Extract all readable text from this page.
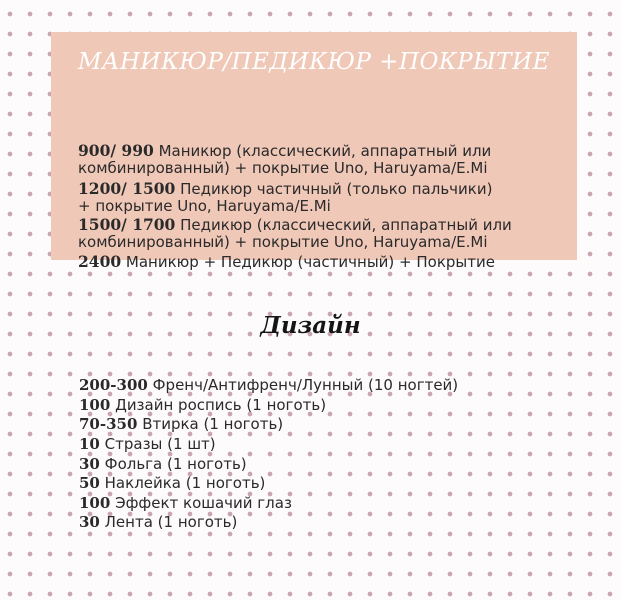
МАНИКЮР/ПЕДИКЮР +ПОКРЫТИЕ
900/ 990 Маникюр (классический, аппаратный или
комбинированный) + покрытие Uno, Haruyama/E.Mi
1200/ 1500 Педикюр частичный (только пальчики)
+ покрытие Uno, Haruyama/E.Mi
1500/ 1700 Педикюр (классический, аппаратный или
комбинированный) + покрытие Uno, Haruyama/E.Mi
2400 Маникюр + Педикюр (частичный) + Покрытие
Дизайн
200-300 Френч/Антифренч/Лунный (10 ногтей)
100 Дизайн роспись (1 ноготь)
70-350 Втирка (1 ноготь)
10 Стразы (1 шт)
30 Фольга (1 ноготь)
50 Наклейка (1 ноготь)
100 Эффект кошачий глаз
30 Лента (1 ноготь)
